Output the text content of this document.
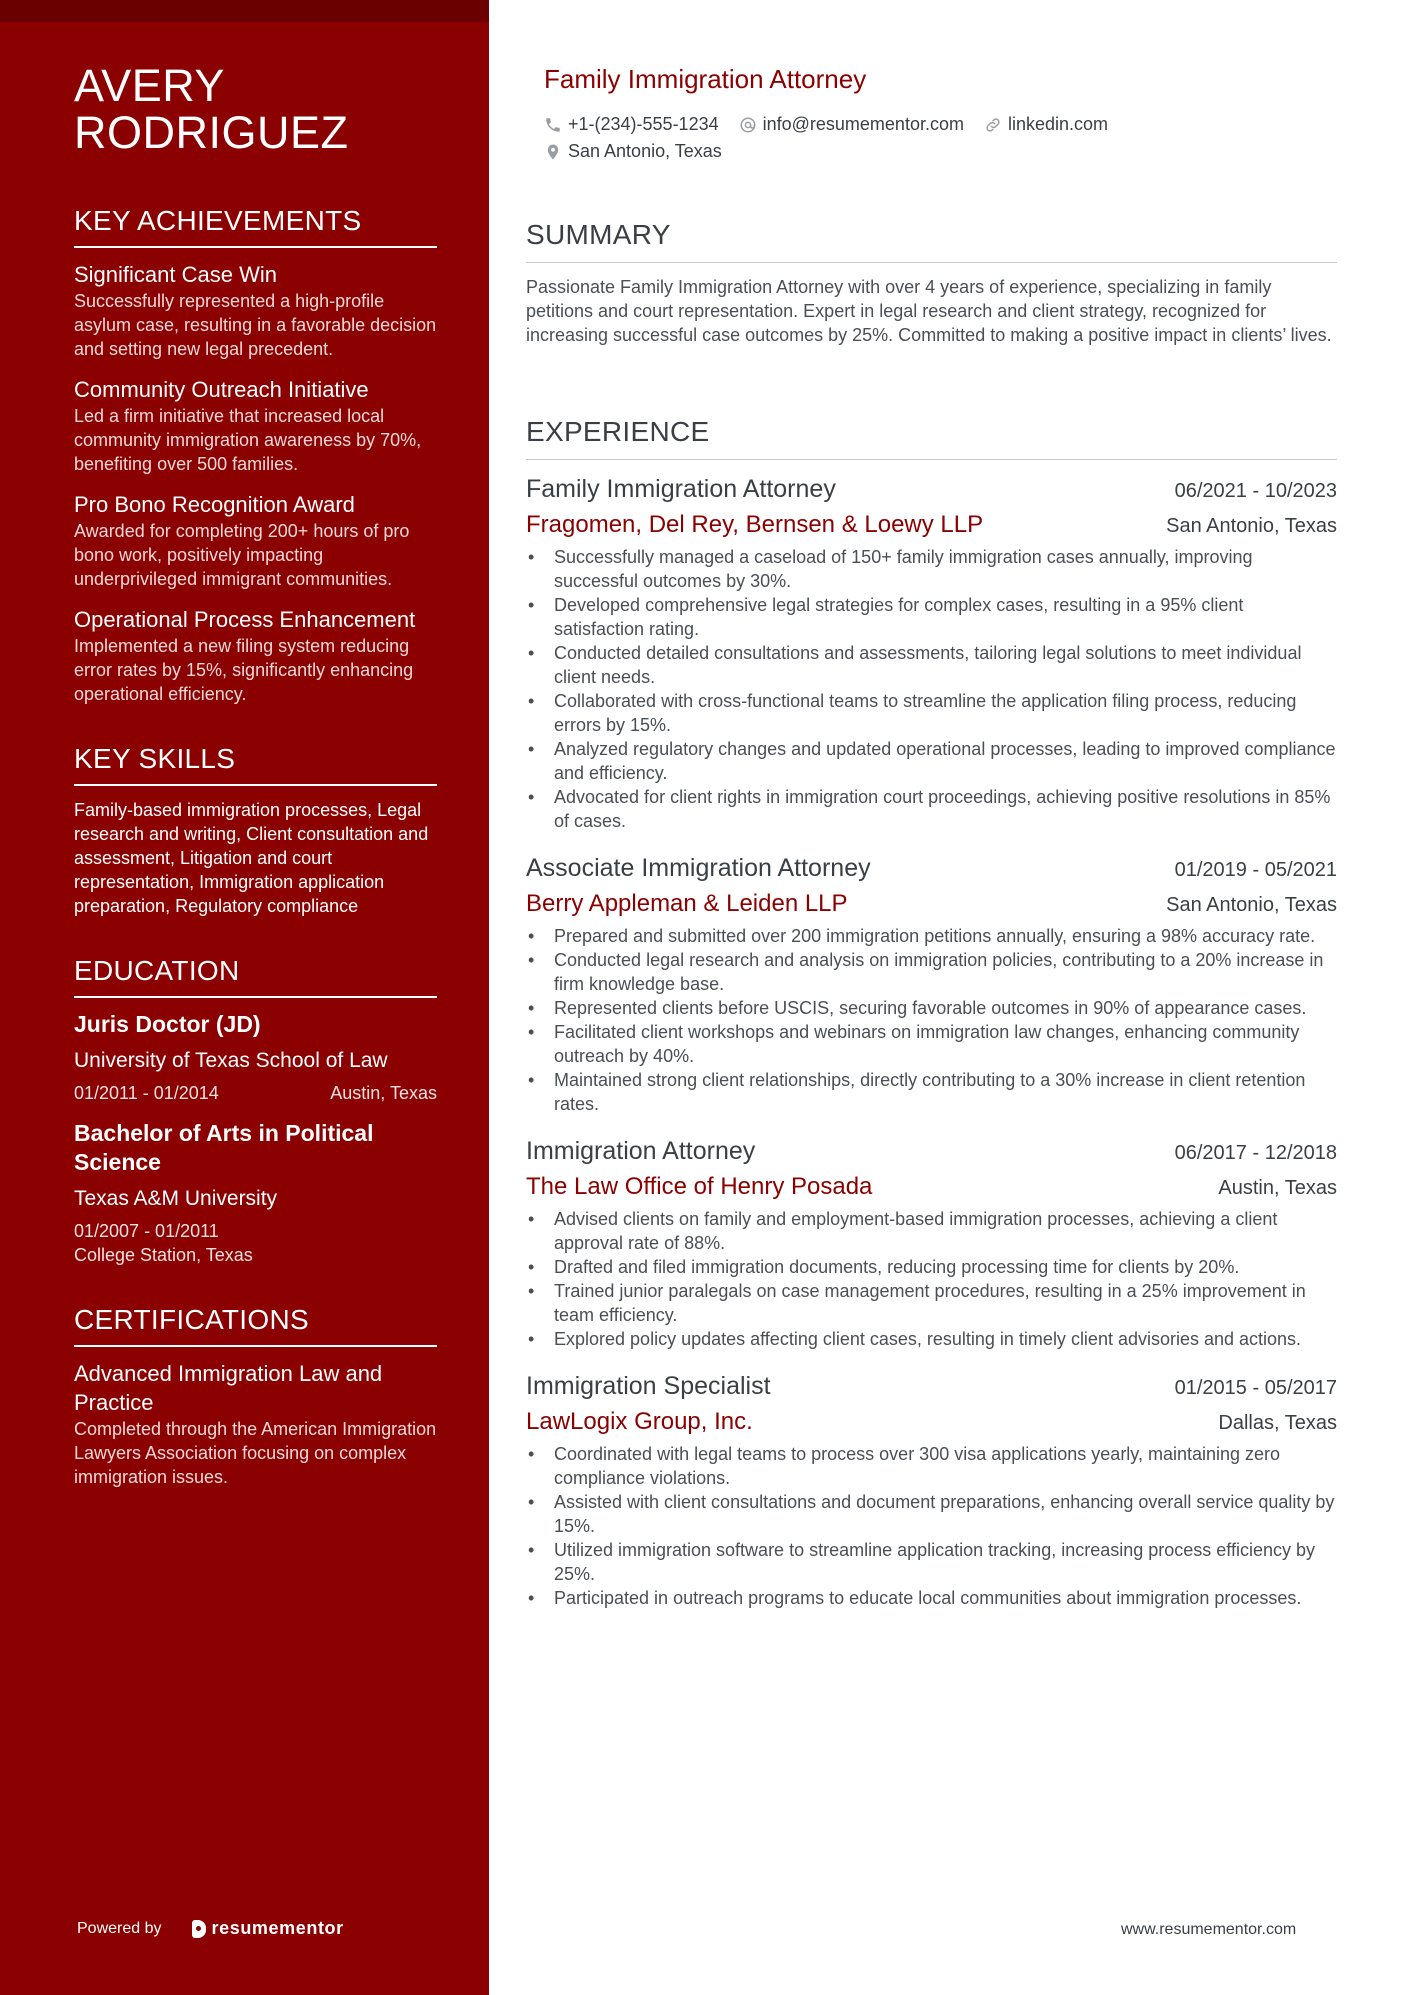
AVERY
RODRIGUEZ
KEY ACHIEVEMENTS
Significant Case Win
Successfully represented a high-profile asylum case, resulting in a favorable decision and setting new legal precedent.
Community Outreach Initiative
Led a firm initiative that increased local community immigration awareness by 70%, benefiting over 500 families.
Pro Bono Recognition Award
Awarded for completing 200+ hours of pro bono work, positively impacting underprivileged immigrant communities.
Operational Process Enhancement
Implemented a new filing system reducing error rates by 15%, significantly enhancing operational efficiency.
KEY SKILLS
Family-based immigration processes, Legal research and writing, Client consultation and assessment, Litigation and court representation, Immigration application preparation, Regulatory compliance
EDUCATION
Juris Doctor (JD)
University of Texas School of Law
01/2011 - 01/2014	Austin, Texas
Bachelor of Arts in Political Science
Texas A&M University
01/2007 - 01/2011
College Station, Texas
CERTIFICATIONS
Advanced Immigration Law and Practice
Completed through the American Immigration Lawyers Association focusing on complex immigration issues.
Powered by	resumementor
Family Immigration Attorney
+1-(234)-555-1234 info@resumementor.com linkedin.com
San Antonio, Texas
SUMMARY
Passionate Family Immigration Attorney with over 4 years of experience, specializing in family petitions and court representation. Expert in legal research and client strategy, recognized for increasing successful case outcomes by 25%. Committed to making a positive impact in clients’ lives.
EXPERIENCE
Family Immigration Attorney	06/2021 - 10/2023
Fragomen, Del Rey, Bernsen & Loewy LLP	San Antonio, Texas
• Successfully managed a caseload of 150+ family immigration cases annually, improving successful outcomes by 30%.
• Developed comprehensive legal strategies for complex cases, resulting in a 95% client satisfaction rating.
• Conducted detailed consultations and assessments, tailoring legal solutions to meet individual client needs.
• Collaborated with cross-functional teams to streamline the application filing process, reducing errors by 15%.
• Analyzed regulatory changes and updated operational processes, leading to improved compliance and efficiency.
• Advocated for client rights in immigration court proceedings, achieving positive resolutions in 85% of cases.
Associate Immigration Attorney	01/2019 - 05/2021
Berry Appleman & Leiden LLP	San Antonio, Texas
• Prepared and submitted over 200 immigration petitions annually, ensuring a 98% accuracy rate.
• Conducted legal research and analysis on immigration policies, contributing to a 20% increase in firm knowledge base.
• Represented clients before USCIS, securing favorable outcomes in 90% of appearance cases.
• Facilitated client workshops and webinars on immigration law changes, enhancing community outreach by 40%.
• Maintained strong client relationships, directly contributing to a 30% increase in client retention rates.
Immigration Attorney	06/2017 - 12/2018
The Law Office of Henry Posada	Austin, Texas
• Advised clients on family and employment-based immigration processes, achieving a client approval rate of 88%.
• Drafted and filed immigration documents, reducing processing time for clients by 20%.
• Trained junior paralegals on case management procedures, resulting in a 25% improvement in team efficiency.
• Explored policy updates affecting client cases, resulting in timely client advisories and actions.
Immigration Specialist	01/2015 - 05/2017
LawLogix Group, Inc.	Dallas, Texas
• Coordinated with legal teams to process over 300 visa applications yearly, maintaining zero compliance violations.
• Assisted with client consultations and document preparations, enhancing overall service quality by 15%.
• Utilized immigration software to streamline application tracking, increasing process efficiency by 25%.
• Participated in outreach programs to educate local communities about immigration processes.
www.resumementor.com
